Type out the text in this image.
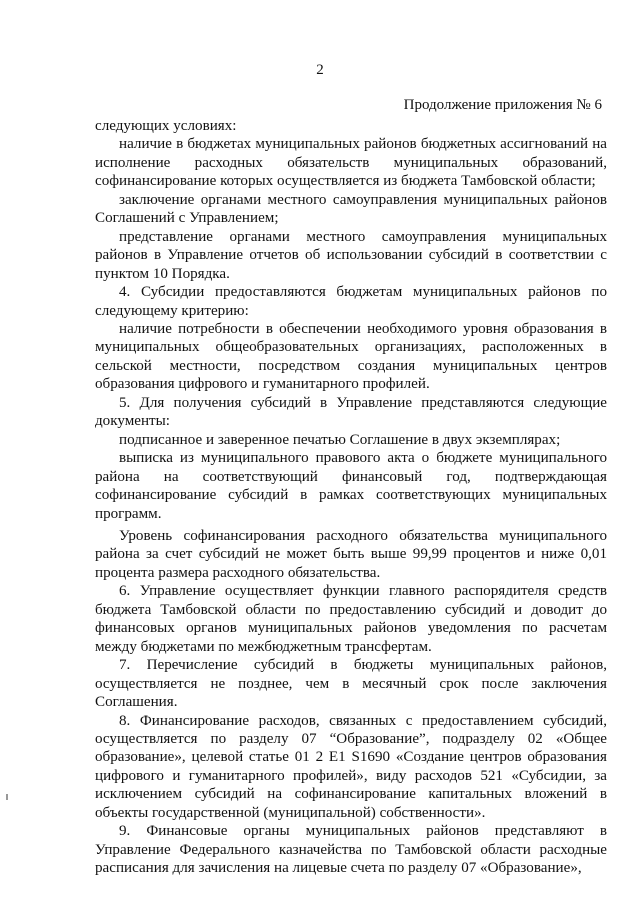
2
Продолжение приложения № 6

следующих условиях:

наличие в бюджетах муниципальных районов бюджетных ассигнований на исполнение расходных обязательств муниципальных образований, софинансирование которых осуществляется из бюджета Тамбовской области;

заключение органами местного самоуправления муниципальных районов Соглашений с Управлением;

представление органами местного самоуправления муниципальных районов в Управление отчетов об использовании субсидий в соответствии с пунктом 10 Порядка.

4. Субсидии предоставляются бюджетам муниципальных районов по следующему критерию:

наличие потребности в обеспечении необходимого уровня образования в муниципальных общеобразовательных организациях, расположенных в сельской местности, посредством создания муниципальных центров образования цифрового и гуманитарного профилей.

5. Для получения субсидий в Управление представляются следующие документы:

подписанное и заверенное печатью Соглашение в двух экземплярах;

выписка из муниципального правового акта о бюджете муниципального района на соответствующий финансовый год, подтверждающая софинансирование субсидий в рамках соответствующих муниципальных программ.

Уровень софинансирования расходного обязательства муниципального района за счет субсидий не может быть выше 99,99 процентов и ниже 0,01 процента размера расходного обязательства.

6. Управление осуществляет функции главного распорядителя средств бюджета Тамбовской области по предоставлению субсидий и доводит до финансовых органов муниципальных районов уведомления по расчетам между бюджетами по межбюджетным трансфертам.

7. Перечисление субсидий в бюджеты муниципальных районов, осуществляется не позднее, чем в месячный срок после заключения Соглашения.

8. Финансирование расходов, связанных с предоставлением субсидий, осуществляется по разделу 07 “Образование”, подразделу 02 «Общее образование», целевой статье 01 2 Е1 S1690 «Создание центров образования цифрового и гуманитарного профилей», виду расходов 521 «Субсидии, за исключением субсидий на софинансирование капитальных вложений в объекты государственной (муниципальной) собственности».

9. Финансовые органы муниципальных районов представляют в Управление Федерального казначейства по Тамбовской области расходные расписания для зачисления на лицевые счета по разделу 07 «Образование»,
